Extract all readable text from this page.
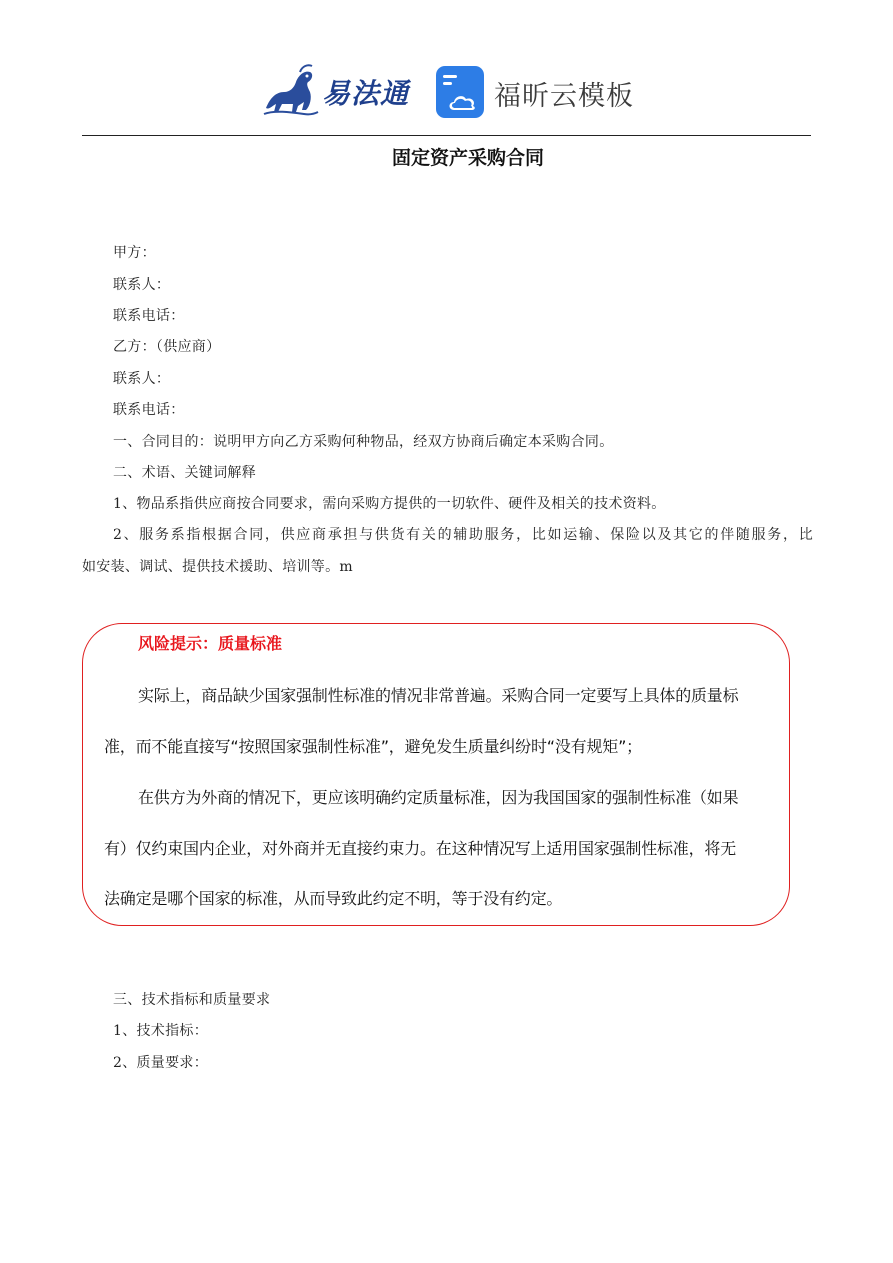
易法通	福昕云模板
固定资产采购合同
甲方：
联系人：
联系电话：
乙方：（供应商）
联系人：
联系电话：
一、合同目的：说明甲方向乙方采购何种物品，经双方协商后确定本采购合同。
二、术语、关键词解释
1、物品系指供应商按合同要求，需向采购方提供的一切软件、硬件及相关的技术资料。
2、服务系指根据合同，供应商承担与供货有关的辅助服务，比如运输、保险以及其它的伴随服务，比
如安装、调试、提供技术援助、培训等。m
风险提示：质量标准
实际上，商品缺少国家强制性标准的情况非常普遍。采购合同一定要写上具体的质量标
准，而不能直接写“按照国家强制性标准”，避免发生质量纠纷时“没有规矩”；
在供方为外商的情况下，更应该明确约定质量标准，因为我国国家的强制性标准（如果
有）仅约束国内企业，对外商并无直接约束力。在这种情况写上适用国家强制性标准，将无
法确定是哪个国家的标准，从而导致此约定不明，等于没有约定。
三、技术指标和质量要求
1、技术指标：
2、质量要求：
